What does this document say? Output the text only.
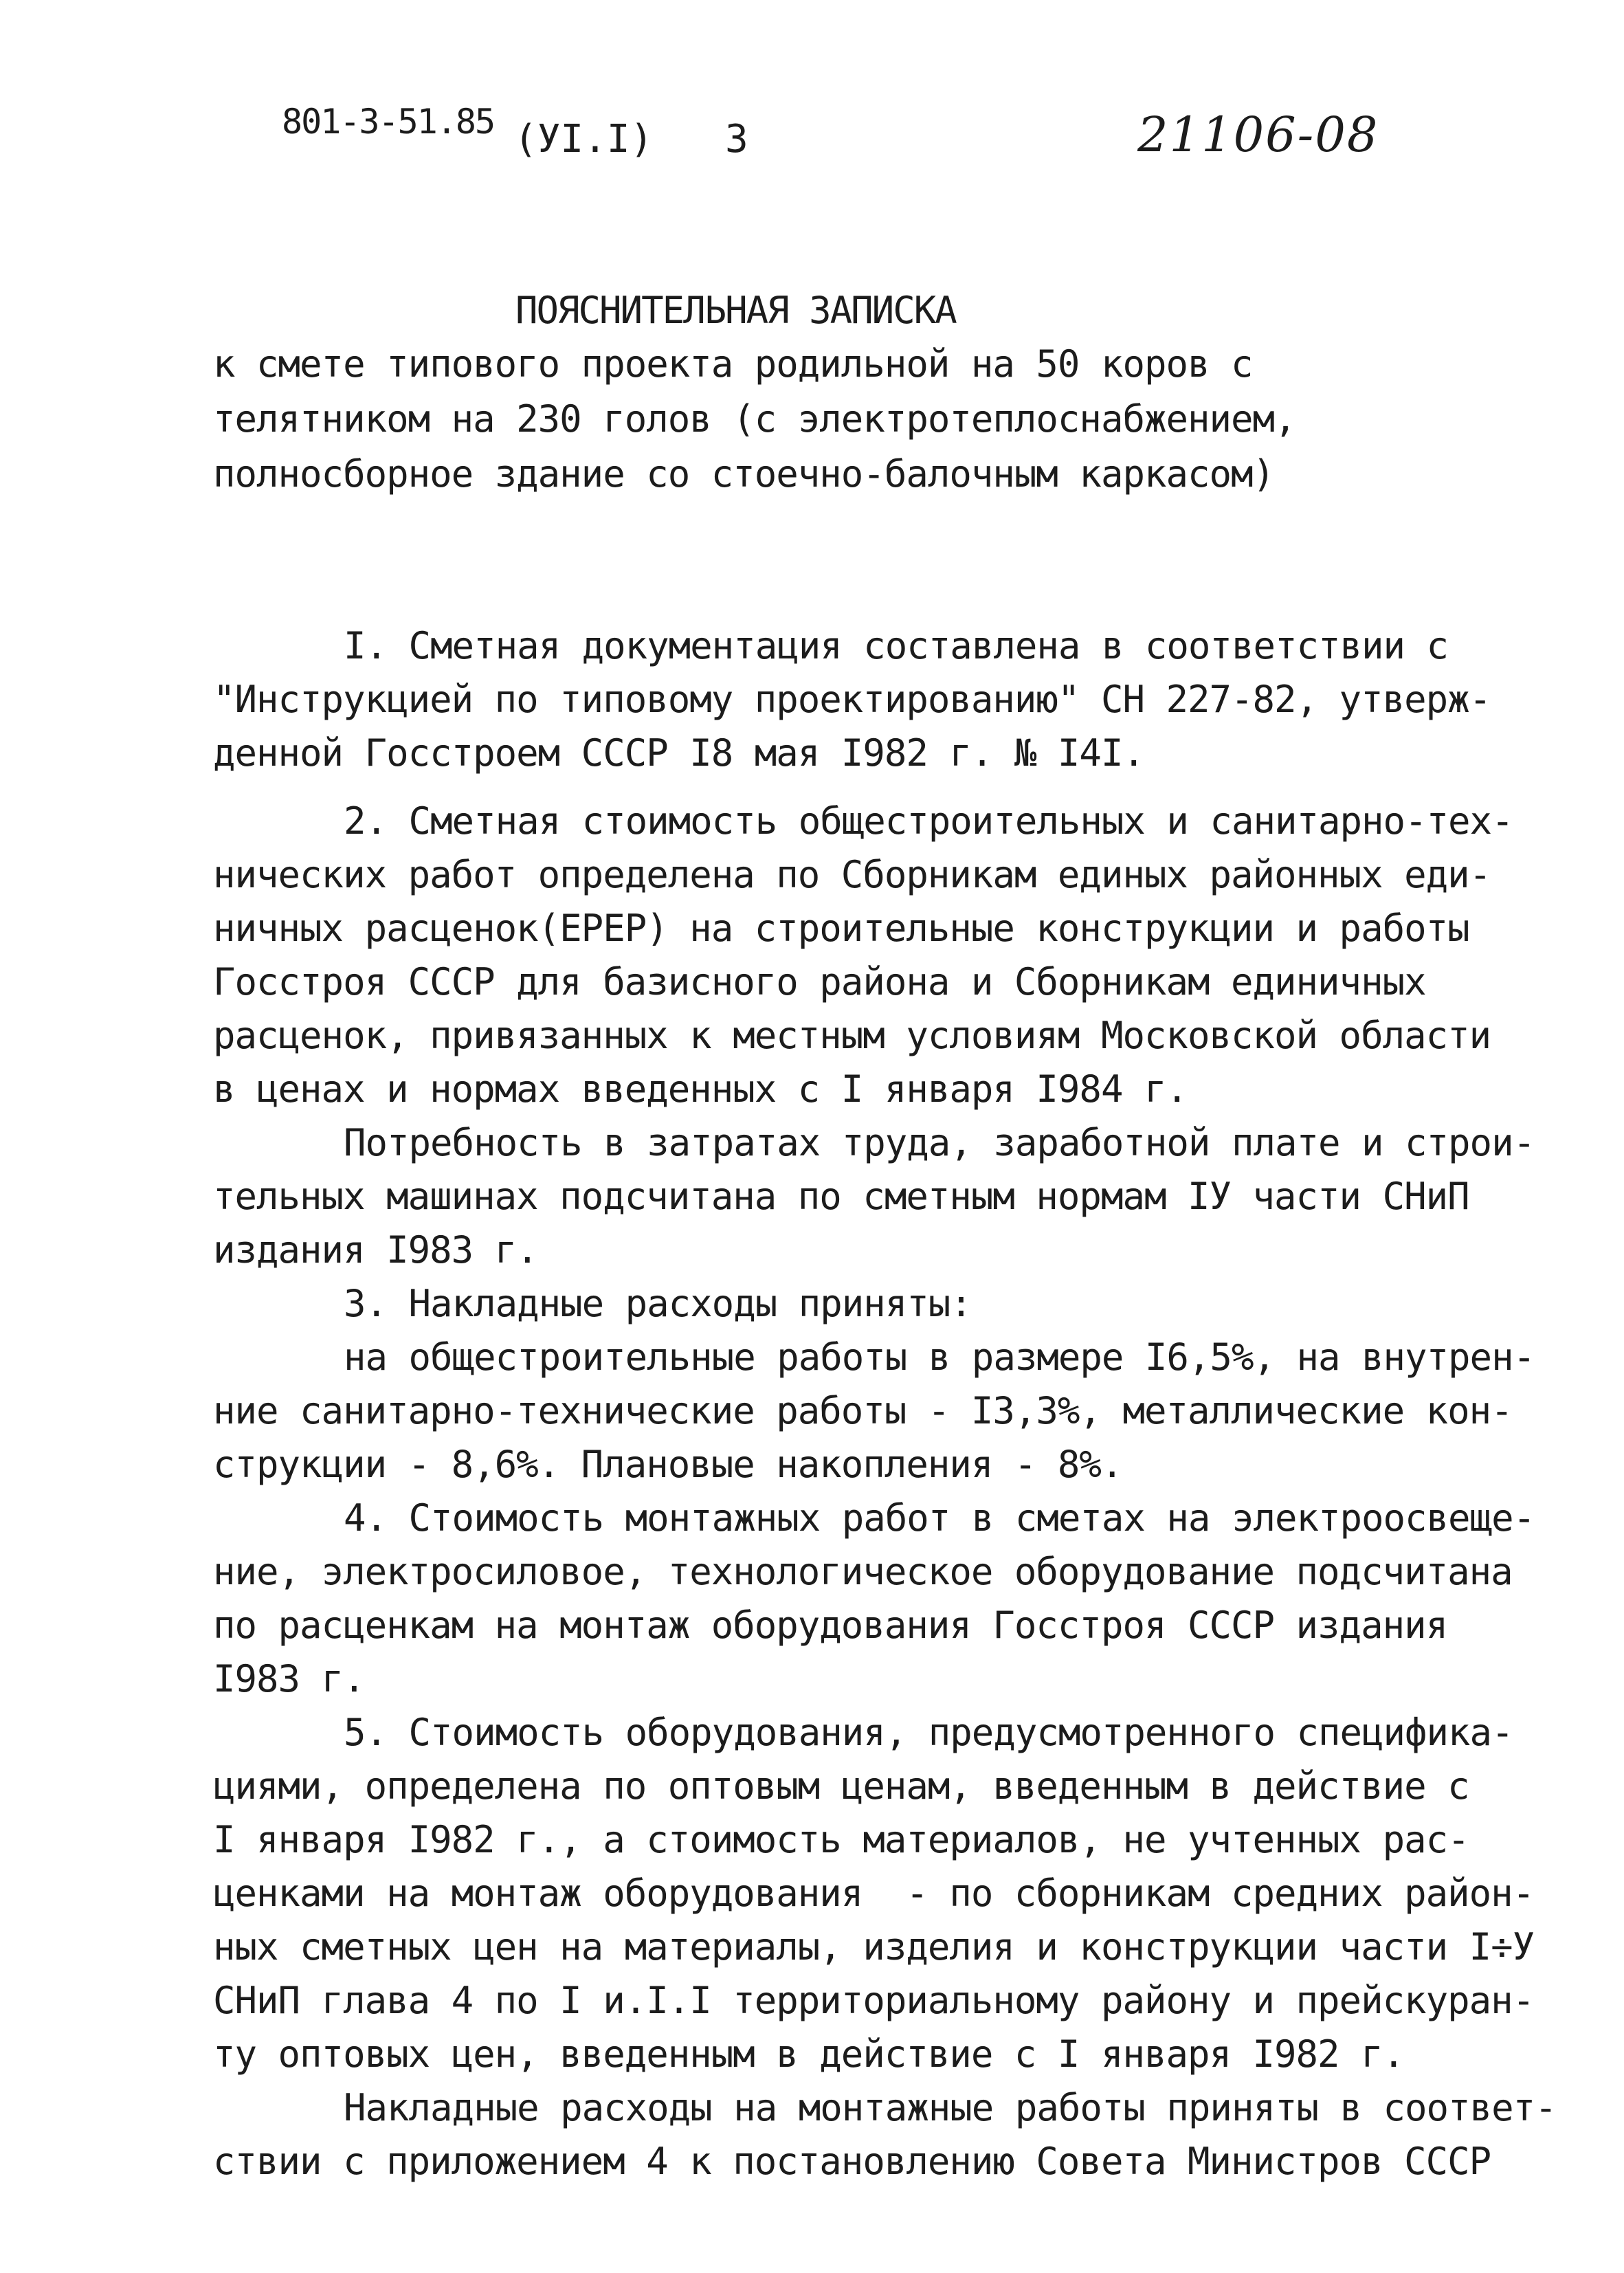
801-3-51.85 (УI.I) 3	21106-08
ПОЯСНИТЕЛЬНАЯ ЗАПИСКА
к смете типового проекта родильной на 50 коров с
телятником на 230 голов (с электротеплоснабжением,
полносборное здание со стоечно-балочным каркасом)
I. Сметная документация составлена в соответствии с
"Инструкцией по типовому проектированию" СН 227-82, утверж-
денной Госстроем СССР I8 мая I982 г. № I4I.
2. Сметная стоимость общестроительных и санитарно-тех-
нических работ определена по Сборникам единых районных еди-
ничных расценок(ЕРЕР) на строительные конструкции и работы
Госстроя СССР для базисного района и Сборникам единичных
расценок, привязанных к местным условиям Московской области
в ценах и нормах введенных с I января I984 г.
Потребность в затратах труда, заработной плате и строи-
тельных машинах подсчитана по сметным нормам IУ части СНиП
издания I983 г.
3. Накладные расходы приняты:
на общестроительные работы в размере I6,5%, на внутрен-
ние санитарно-технические работы - I3,3%, металлические кон-
струкции - 8,6%. Плановые накопления - 8%.
4. Стоимость монтажных работ в сметах на электроосвеще-
ние, электросиловое, технологическое оборудование подсчитана
по расценкам на монтаж оборудования Госстроя СССР издания
I983 г.
5. Стоимость оборудования, предусмотренного специфика-
циями, определена по оптовым ценам, введенным в действие с
I января I982 г., а стоимость материалов, не учтенных рас-
ценками на монтаж оборудования  - по сборникам средних район-
ных сметных цен на материалы, изделия и конструкции части I÷У
СНиП глава 4 по I и.I.I территориальному району и прейскуран-
ту оптовых цен, введенным в действие с I января I982 г.
Накладные расходы на монтажные работы приняты в соответ-
ствии с приложением 4 к постановлению Совета Министров СССР
